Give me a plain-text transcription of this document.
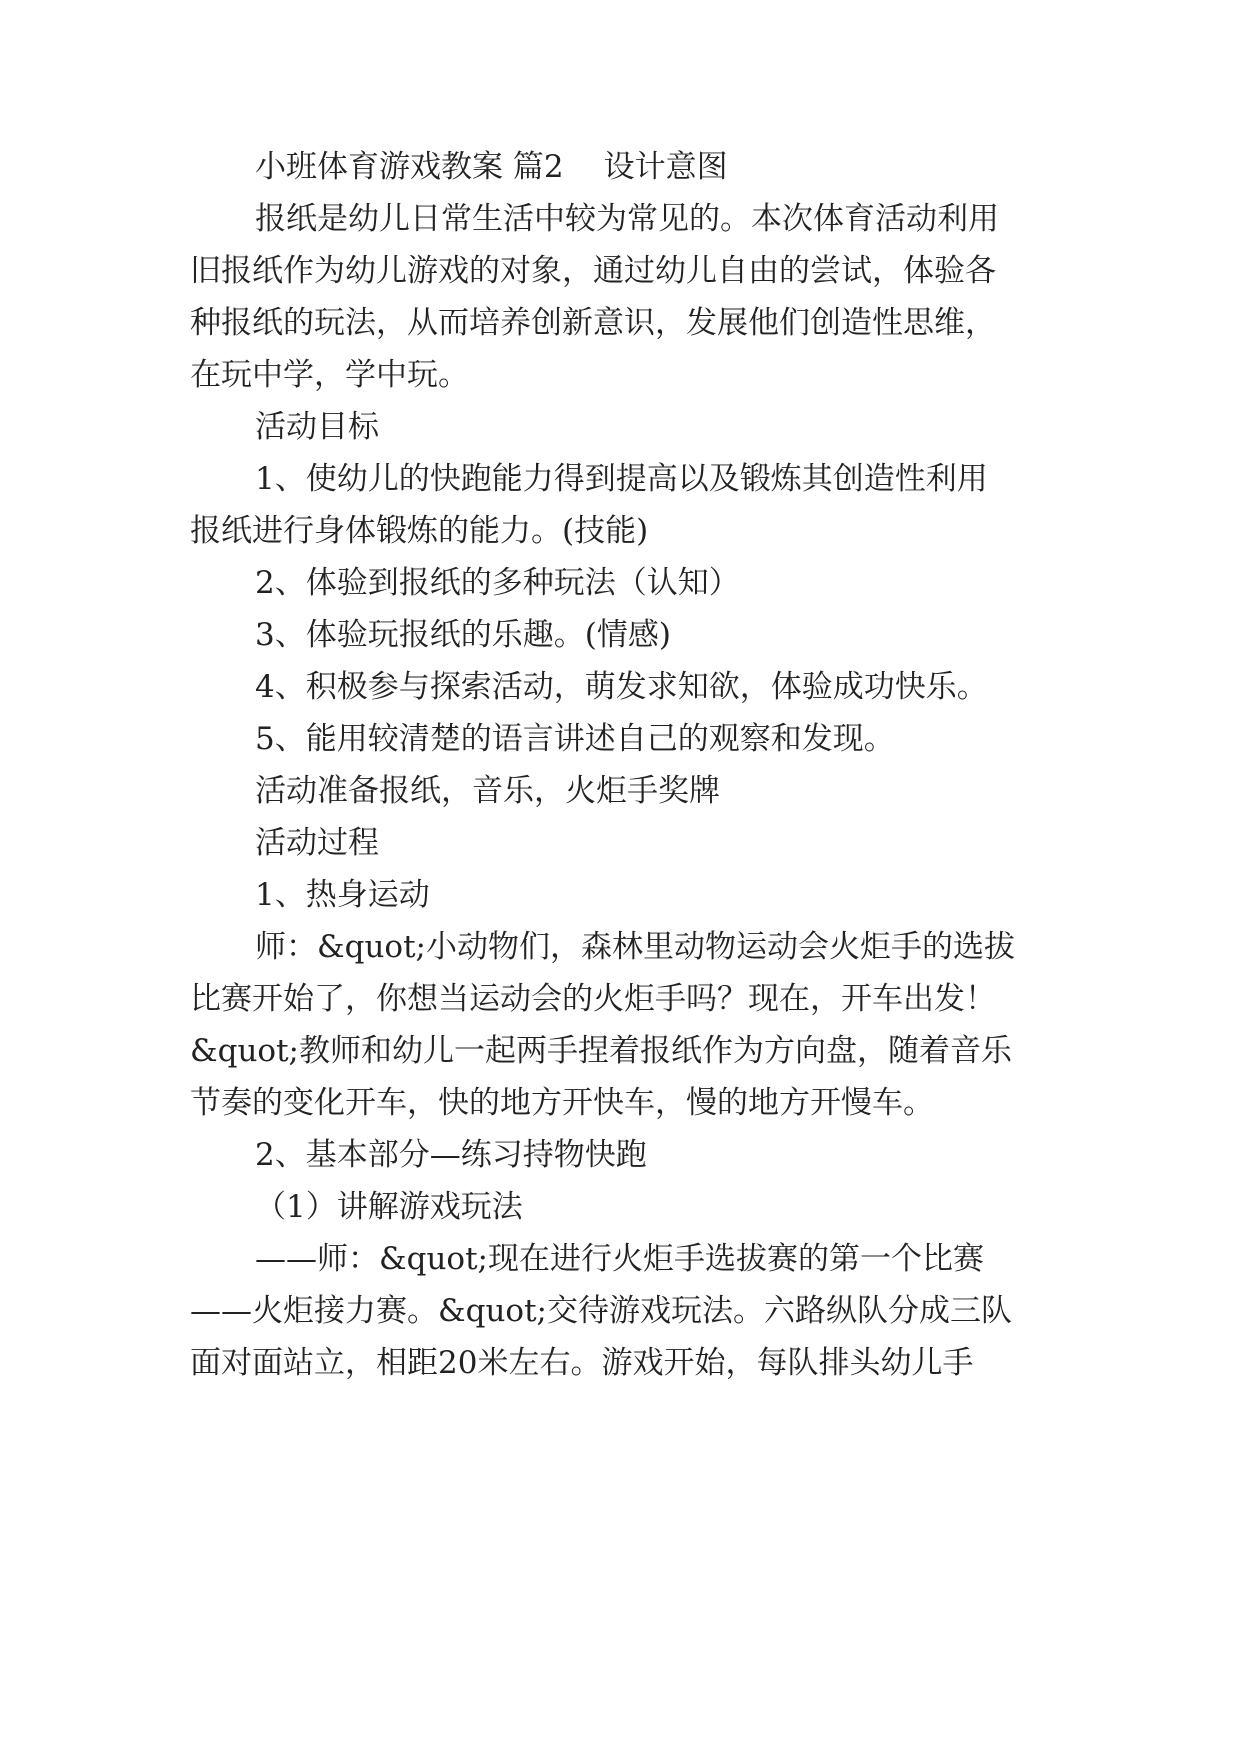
小班体育游戏教案 篇2 设计意图
报纸是幼儿日常生活中较为常见的。本次体育活动利用
旧报纸作为幼儿游戏的对象，通过幼儿自由的尝试，体验各
种报纸的玩法，从而培养创新意识，发展他们创造性思维，
在玩中学，学中玩。
活动目标
1、使幼儿的快跑能力得到提高以及锻炼其创造性利用
报纸进行身体锻炼的能力。(技能)
2、体验到报纸的多种玩法（认知）
3、体验玩报纸的乐趣。(情感)
4、积极参与探索活动，萌发求知欲，体验成功快乐。
5、能用较清楚的语言讲述自己的观察和发现。
活动准备报纸，音乐，火炬手奖牌
活动过程
1、热身运动
师：&quot;小动物们，森林里动物运动会火炬手的选拔
比赛开始了，你想当运动会的火炬手吗？现在，开车出发！
&quot;教师和幼儿一起两手捏着报纸作为方向盘，随着音乐
节奏的变化开车，快的地方开快车，慢的地方开慢车。
2、基本部分—练习持物快跑
（1）讲解游戏玩法
——师：&quot;现在进行火炬手选拔赛的第一个比赛
——火炬接力赛。&quot;交待游戏玩法。六路纵队分成三队
面对面站立，相距20米左右。游戏开始，每队排头幼儿手
